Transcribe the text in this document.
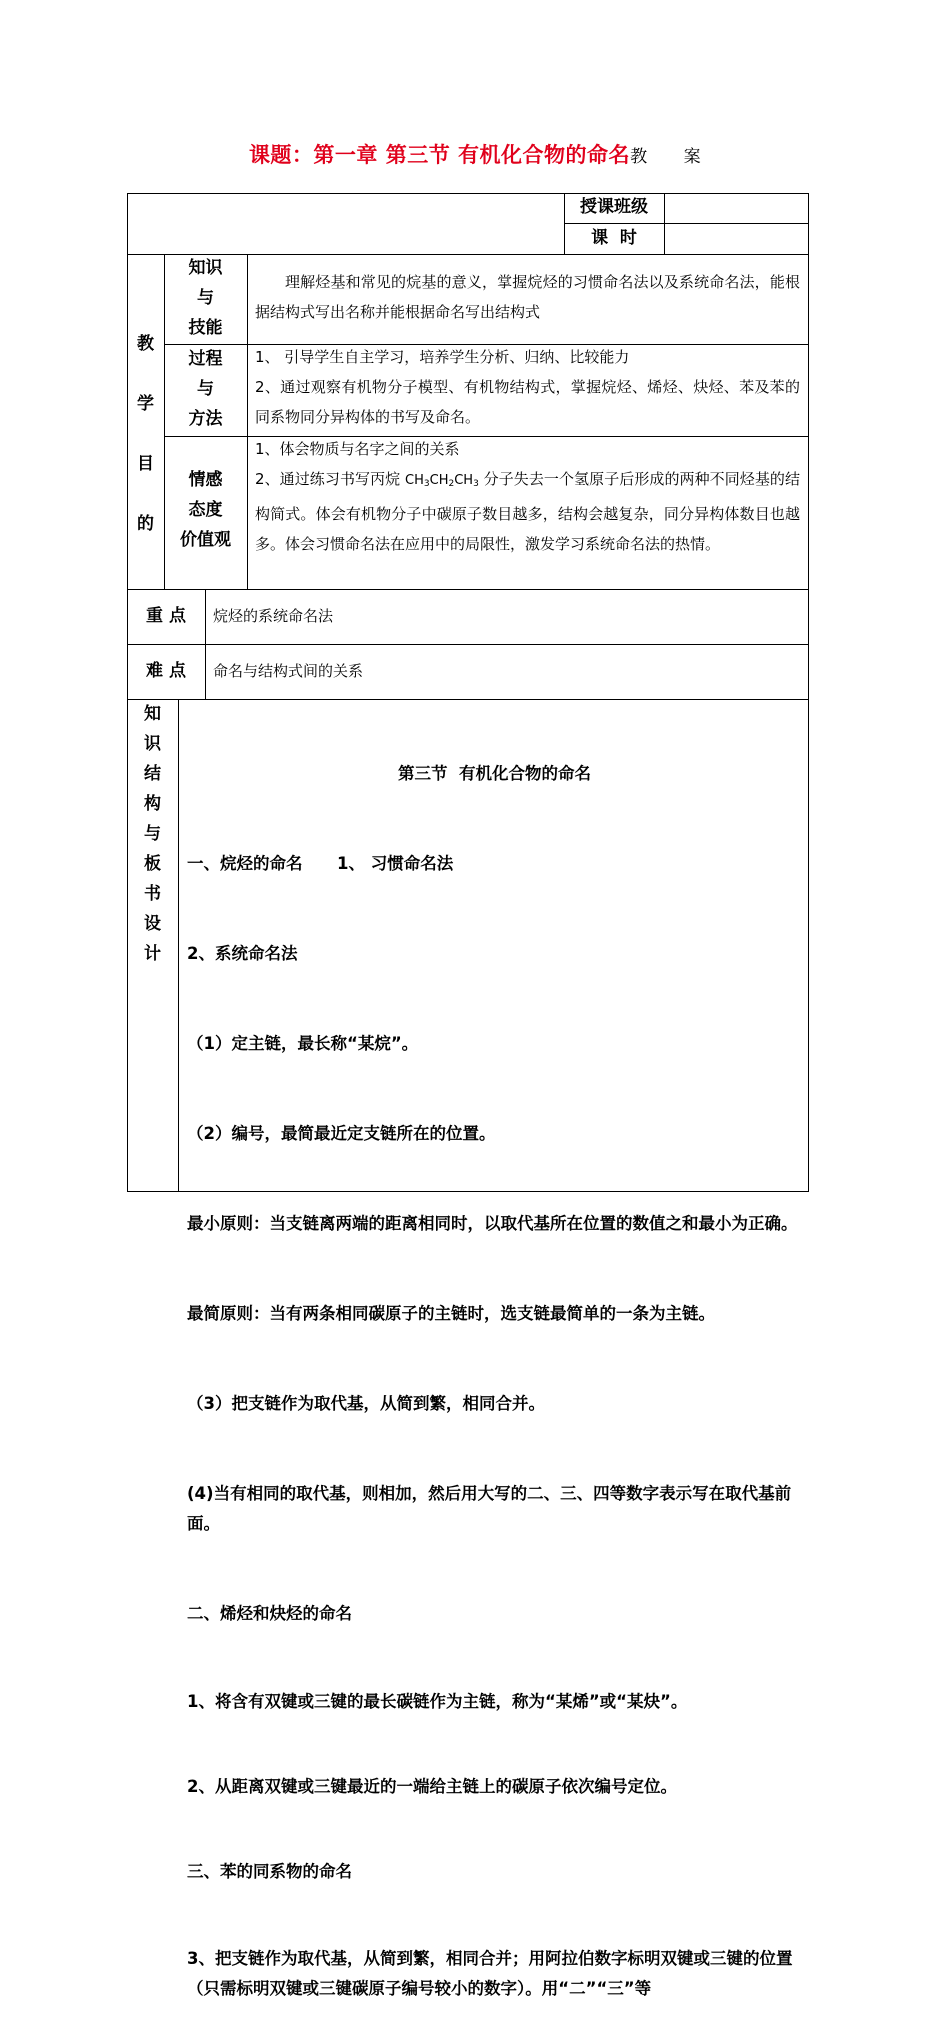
课题：第一章 第三节 有机化合物的命名教 案
授课班级
课  时
教
学
目
的
知识
与
技能
理解烃基和常见的烷基的意义，掌握烷烃的习惯命名法以及系统命名法，能根据结构式写出名称并能根据命名写出结构式
过程
与
方法
1、 引导学生自主学习，培养学生分析、归纳、比较能力
2、通过观察有机物分子模型、有机物结构式，掌握烷烃、烯烃、炔烃、苯及苯的同系物同分异构体的书写及命名。
情感
态度
价值观
1、体会物质与名字之间的关系
2、通过练习书写丙烷 $CH_3CH_2CH_3$ 分子失去一个氢原子后形成的两种不同烃基的结构简式。体会有机物分子中碳原子数目越多，结构会越复杂，同分异构体数目也越多。体会习惯命名法在应用中的局限性，激发学习系统命名法的热情。
重 点	烷烃的系统命名法
难 点	命名与结构式间的关系
知
识
结
构
与
板
书
设
计

第三节  有机化合物的命名

一、烷烃的命名      1、 习惯命名法

2、系统命名法

（1）定主链，最长称“某烷”。

（2）编号，最简最近定支链所在的位置。

最小原则：当支链离两端的距离相同时，以取代基所在位置的数值之和最小为正确。

最简原则：当有两条相同碳原子的主链时，选支链最简单的一条为主链。

（3）把支链作为取代基，从简到繁，相同合并。

(4)当有相同的取代基，则相加，然后用大写的二、三、四等数字表示写在取代基前面。

二、烯烃和炔烃的命名

1、将含有双键或三键的最长碳链作为主链，称为“某烯”或“某炔”。

2、从距离双键或三键最近的一端给主链上的碳原子依次编号定位。

三、苯的同系物的命名

3、把支链作为取代基，从简到繁，相同合并；用阿拉伯数字标明双键或三键的位置（只需标明双键或三键碳原子编号较小的数字）。用“二”“三”等
